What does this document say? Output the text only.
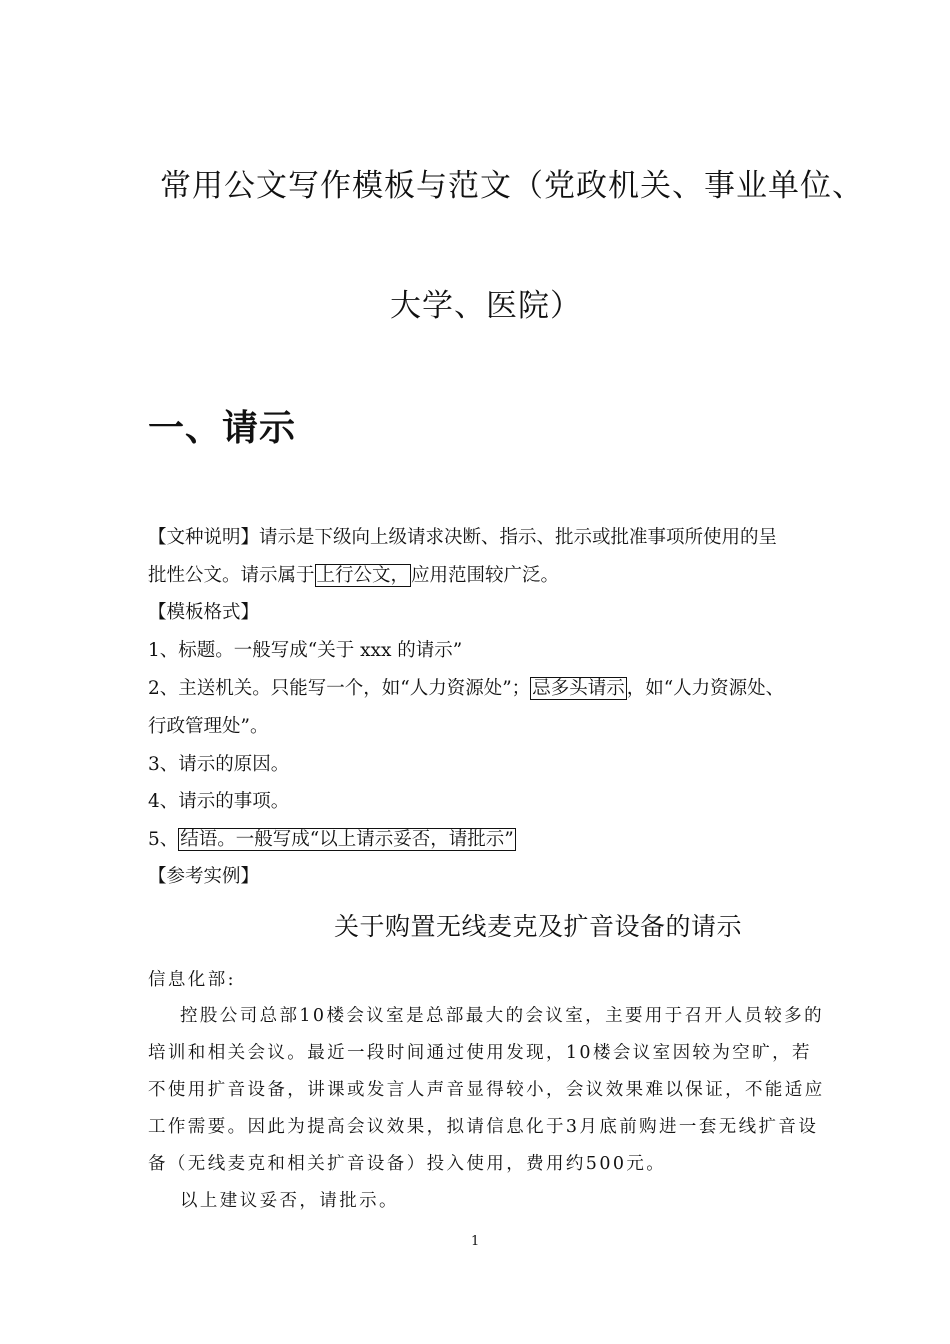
常用公文写作模板与范文（党政机关、事业单位、
大学、医院）
一、请示
【文种说明】请示是下级向上级请求决断、指示、批示或批准事项所使用的呈
批性公文。请示属于 上行公文， 应用范围较广泛。
【模板格式】
1、标题。一般写成“关于 xxx 的请示”
2、主送机关。只能写一个，如“人力资源处”； 忌多头请示 ，如“人力资源处、
行政管理处”。
3、请示的原因。
4、请示的事项。
5、 结语。一般写成“以上请示妥否，请批示”
【参考实例】
关于购置无线麦克及扩音设备的请示
信息化部:
控股公司总部10楼会议室是总部最大的会议室，主要用于召开人员较多的
培训和相关会议。最近一段时间通过使用发现，10楼会议室因较为空旷，若
不使用扩音设备，讲课或发言人声音显得较小，会议效果难以保证，不能适应
工作需要。因此为提高会议效果，拟请信息化于3月底前购进一套无线扩音设
备（无线麦克和相关扩音设备）投入使用，费用约500元。
以上建议妥否，请批示。
1
